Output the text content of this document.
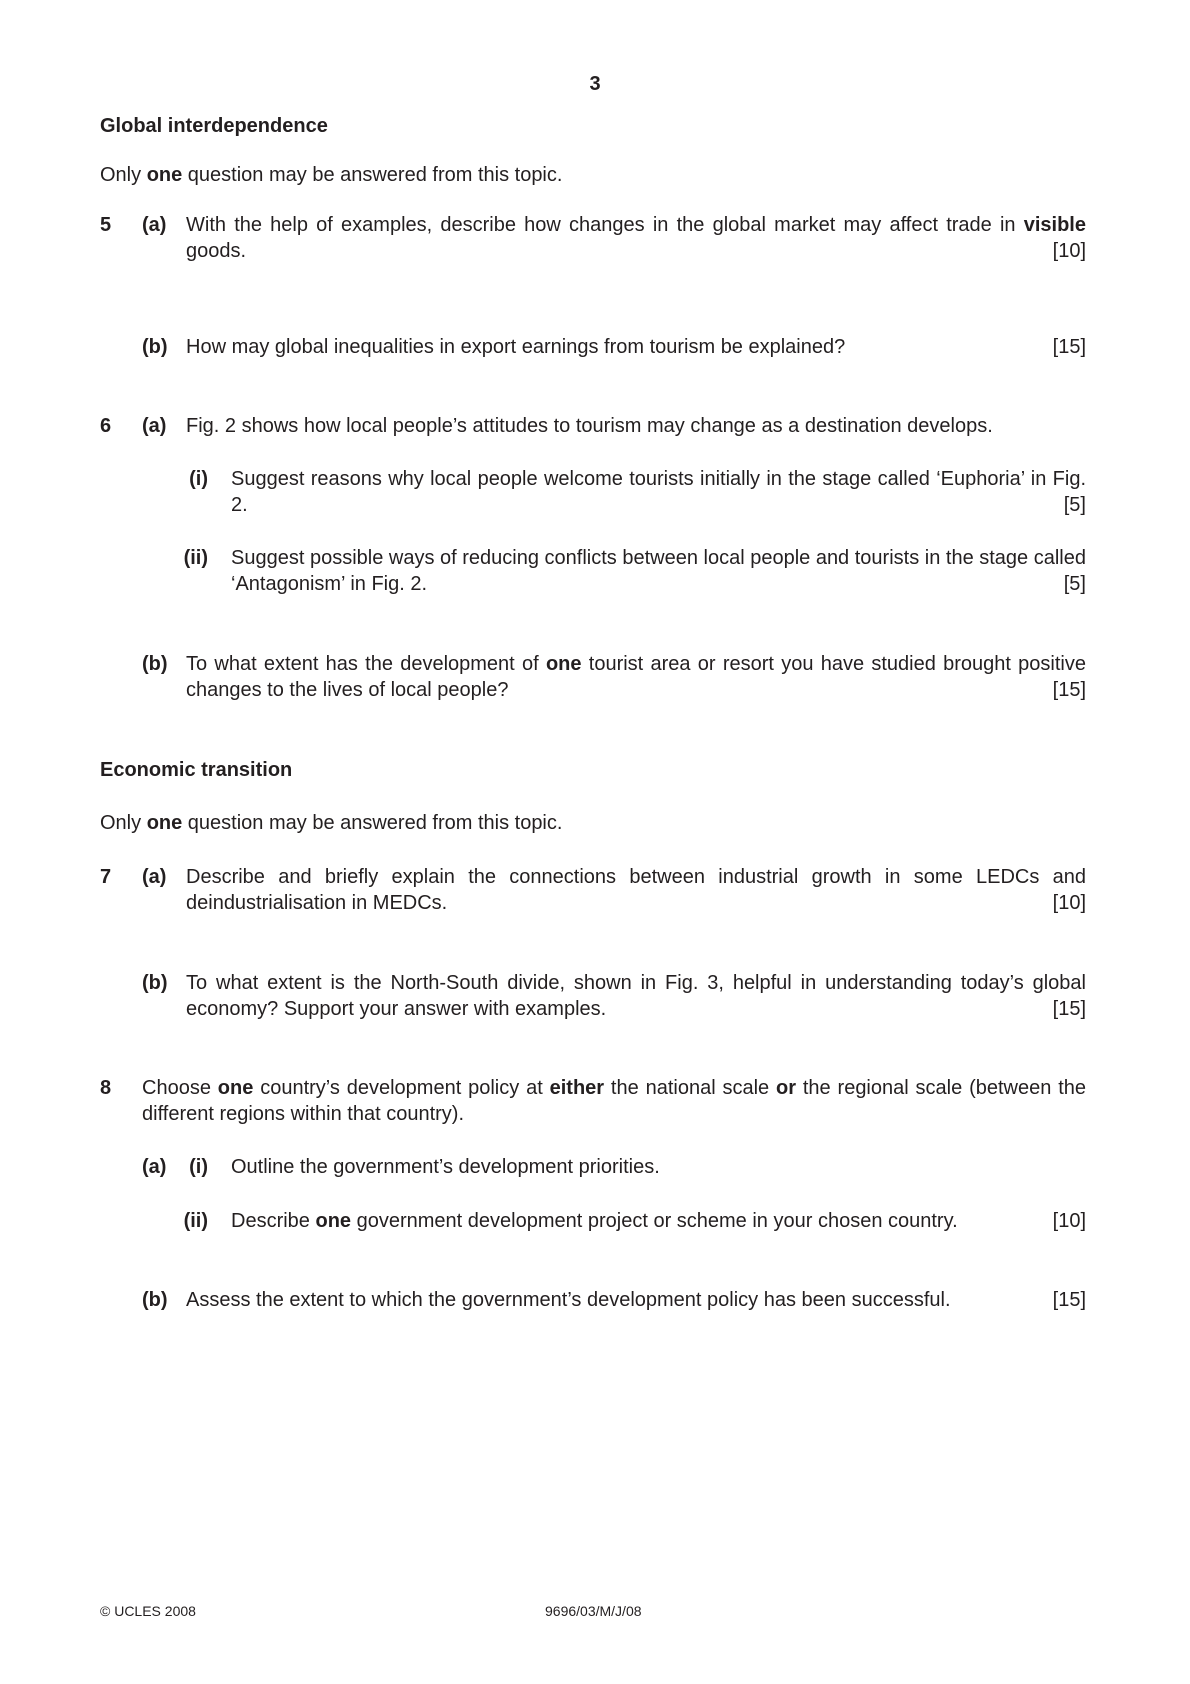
3
Global interdependence
Only one question may be answered from this topic.
5 (a) With the help of examples, describe how changes in the global market may affect trade in visible goods.	[10]
(b) How may global inequalities in export earnings from tourism be explained?	[15]
6 (a) Fig. 2 shows how local people’s attitudes to tourism may change as a destination develops.
(i) Suggest reasons why local people welcome tourists initially in the stage called ‘Euphoria’ in Fig. 2.	[5]
(ii) Suggest possible ways of reducing conflicts between local people and tourists in the stage called ‘Antagonism’ in Fig. 2.	[5]
(b) To what extent has the development of one tourist area or resort you have studied brought positive changes to the lives of local people?	[15]
Economic transition
Only one question may be answered from this topic.
7 (a) Describe and briefly explain the connections between industrial growth in some LEDCs and deindustrialisation in MEDCs.	[10]
(b) To what extent is the North-South divide, shown in Fig. 3, helpful in understanding today’s global economy? Support your answer with examples.	[15]
8 Choose one country’s development policy at either the national scale or the regional scale (between the different regions within that country).
(a)	(i) Outline the government’s development priorities.
(ii) Describe one government development project or scheme in your chosen country.	[10]
(b) Assess the extent to which the government’s development policy has been successful.	[15]
© UCLES 2008	9696/03/M/J/08
